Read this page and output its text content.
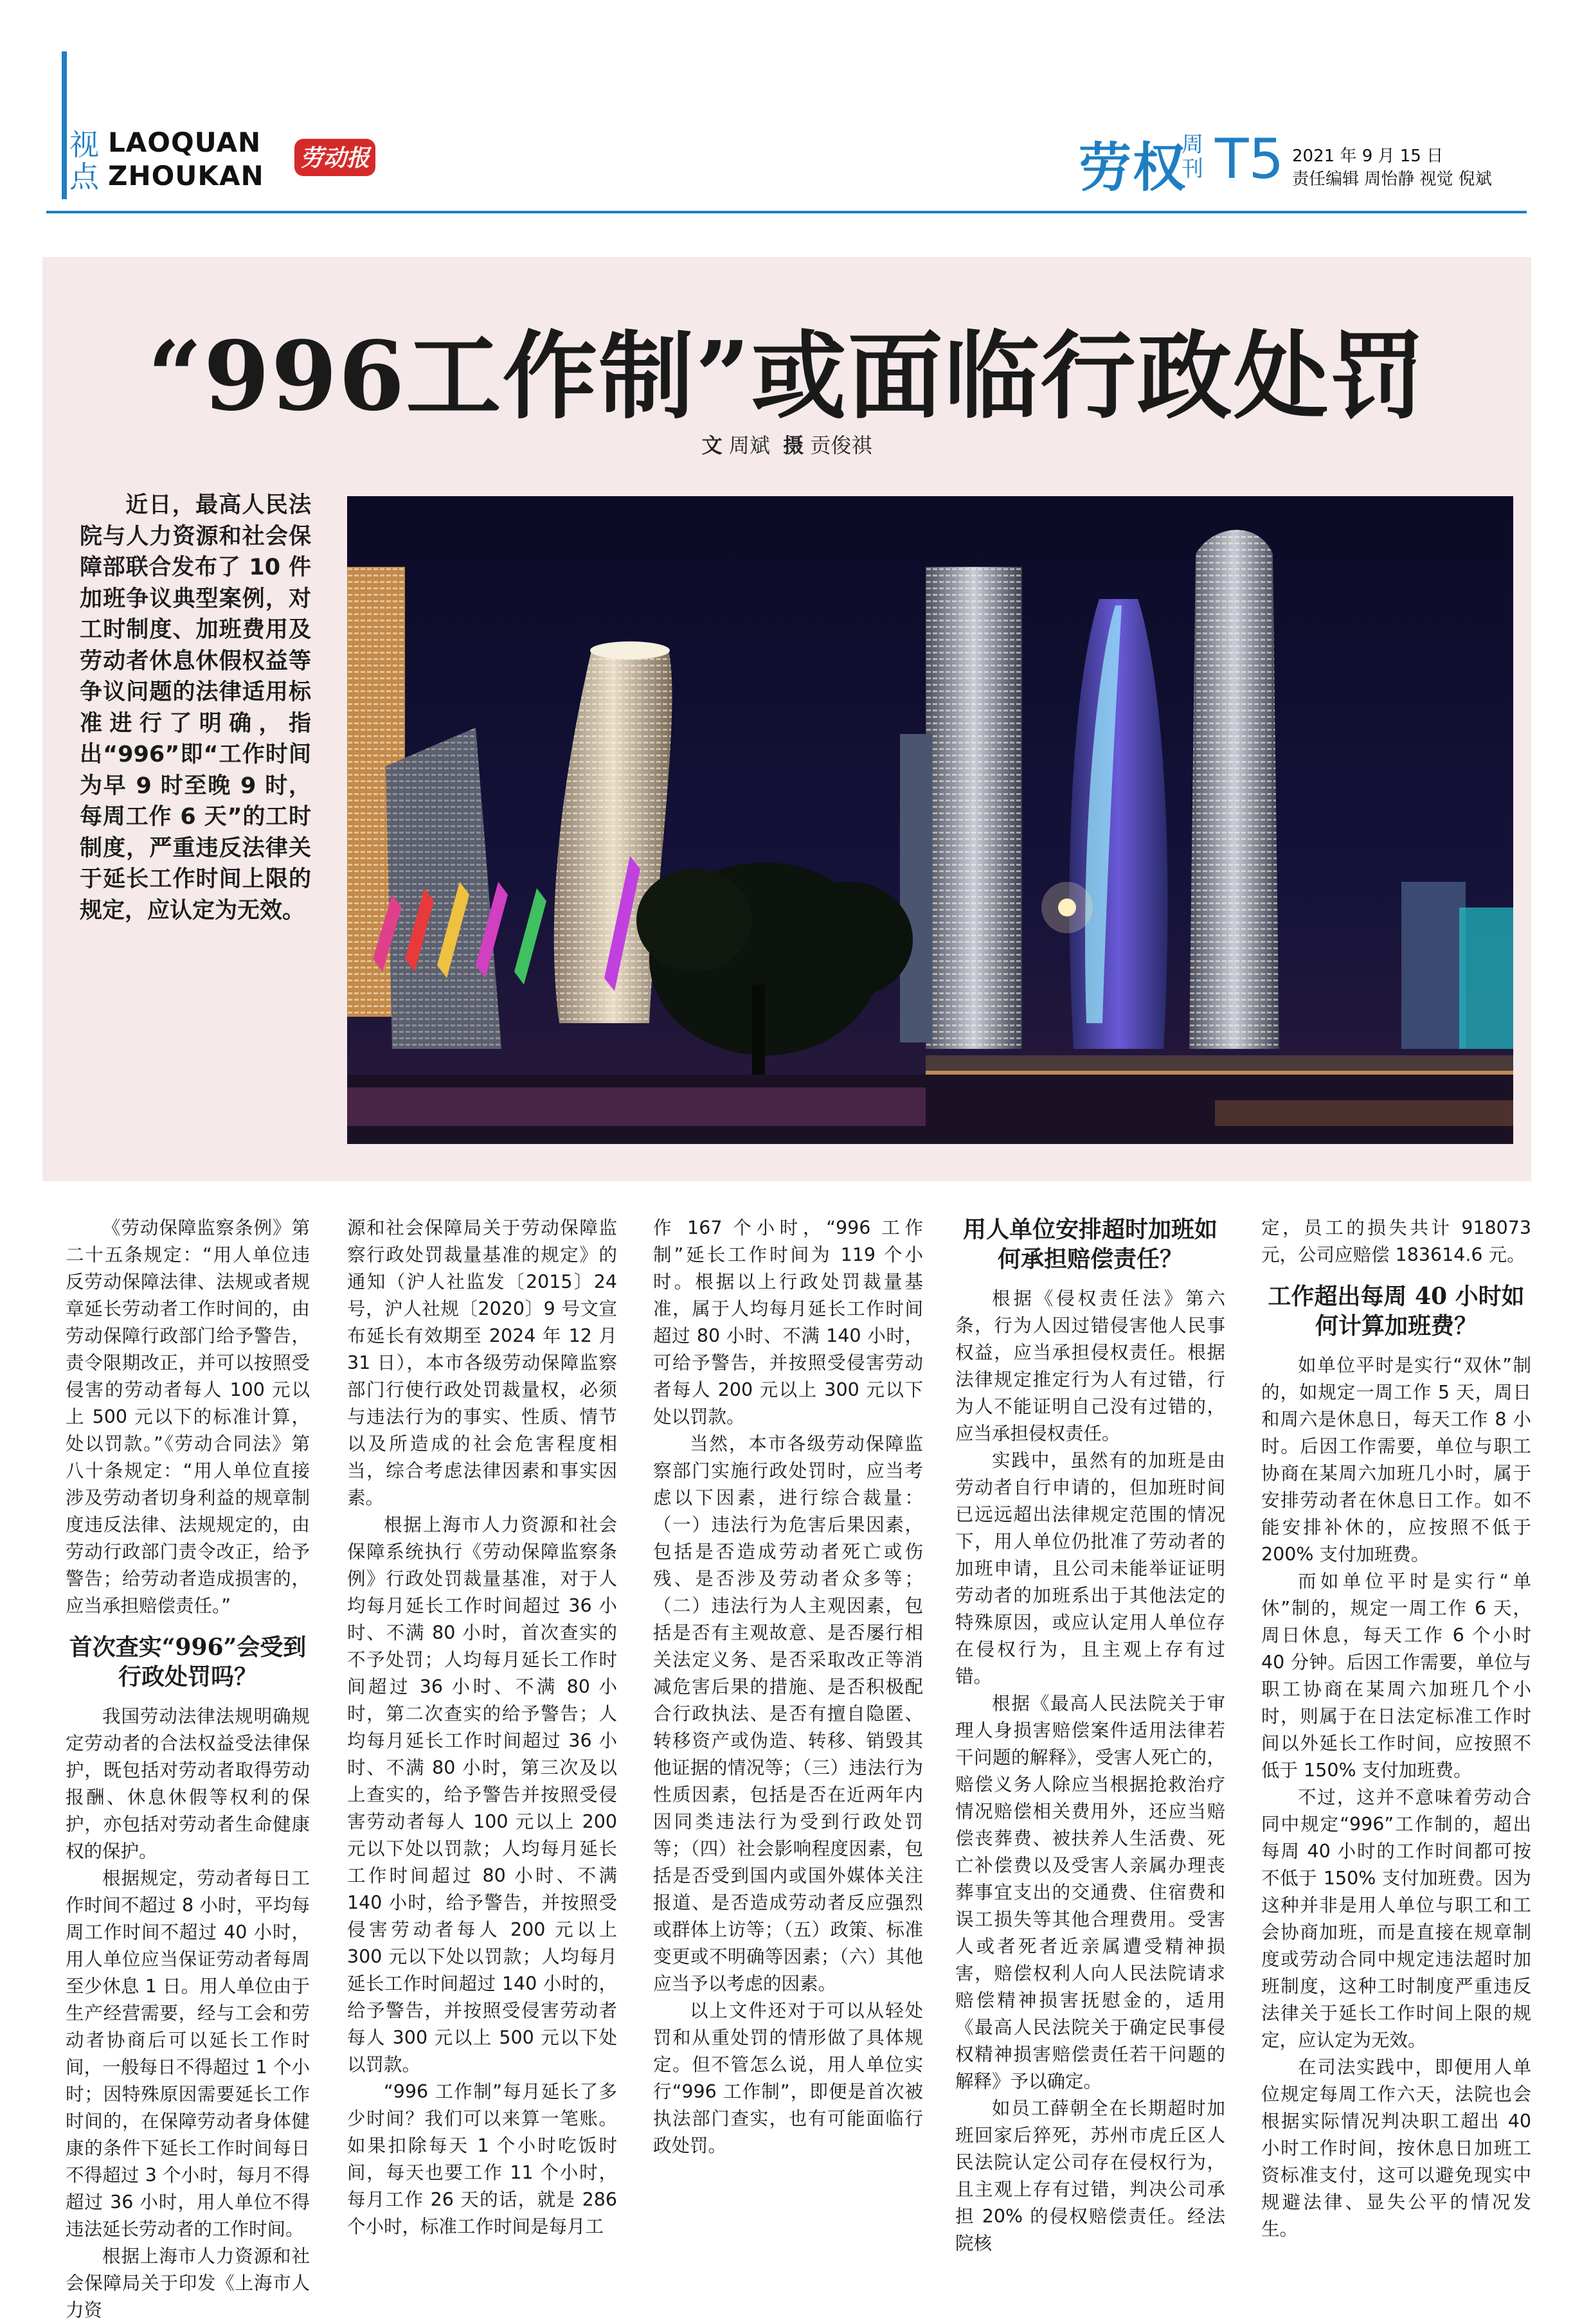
视点
LAOQUAN
ZHOUKAN
劳动报	劳权
周刊 T5 2021 年 9 月 15 日
责任编辑 周怡静 视觉 倪斌
“996工作制”或面临行政处罚
文 周斌 摄 贡俊祺
近日，最高人民法院与人力资源和社会保障部联合发布了 10 件加班争议典型案例，对工时制度、加班费用及劳动者休息休假权益等争议问题的法律适用标准进行了明确，指出“996”即“工作时间为早 9 时至晚 9 时，每周工作 6 天”的工时制度，严重违反法律关于延长工作时间上限的规定，应认定为无效。

《劳动保障监察条例》第二十五条规定：“用人单位违反劳动保障法律、法规或者规章延长劳动者工作时间的，由劳动保障行政部门给予警告，责令限期改正，并可以按照受侵害的劳动者每人 100 元以上 500 元以下的标准计算，处以罚款。”《劳动合同法》第八十条规定：“用人单位直接涉及劳动者切身利益的规章制度违反法律、法规规定的，由劳动行政部门责令改正，给予警告；给劳动者造成损害的，应当承担赔偿责任。”

首次查实“996”会受到行政处罚吗？

我国劳动法律法规明确规定劳动者的合法权益受法律保护，既包括对劳动者取得劳动报酬、休息休假等权利的保护，亦包括对劳动者生命健康权的保护。

根据规定，劳动者每日工作时间不超过 8 小时，平均每周工作时间不超过 40 小时，用人单位应当保证劳动者每周至少休息 1 日。用人单位由于生产经营需要，经与工会和劳动者协商后可以延长工作时间，一般每日不得超过 1 个小时；因特殊原因需要延长工作时间的，在保障劳动者身体健康的条件下延长工作时间每日不得超过 3 个小时，每月不得超过 36 小时，用人单位不得违法延长劳动者的工作时间。

根据上海市人力资源和社会保障局关于印发《上海市人力资

源和社会保障局关于劳动保障监察行政处罚裁量基准的规定》的通知（沪人社监发〔2015〕24 号，沪人社规〔2020〕9 号文宣布延长有效期至 2024 年 12 月 31 日），本市各级劳动保障监察部门行使行政处罚裁量权，必须与违法行为的事实、性质、情节以及所造成的社会危害程度相当，综合考虑法律因素和事实因素。

根据上海市人力资源和社会保障系统执行《劳动保障监察条例》行政处罚裁量基准，对于人均每月延长工作时间超过 36 小时、不满 80 小时，首次查实的不予处罚；人均每月延长工作时间超过 36 小时、不满 80 小时，第二次查实的给予警告；人均每月延长工作时间超过 36 小时、不满 80 小时，第三次及以上查实的，给予警告并按照受侵害劳动者每人 100 元以上 200 元以下处以罚款；人均每月延长工作时间超过 80 小时、不满 140 小时，给予警告，并按照受侵害劳动者每人 200 元以上 300 元以下处以罚款；人均每月延长工作时间超过 140 小时的，给予警告，并按照受侵害劳动者每人 300 元以上 500 元以下处以罚款。

“996 工作制”每月延长了多少时间？我们可以来算一笔账。如果扣除每天 1 个小时吃饭时间，每天也要工作 11 个小时，每月工作 26 天的话，就是 286 个小时，标准工作时间是每月工

作 167 个小时，“996 工作制”延长工作时间为 119 个小时。根据以上行政处罚裁量基准，属于人均每月延长工作时间超过 80 小时、不满 140 小时，可给予警告，并按照受侵害劳动者每人 200 元以上 300 元以下处以罚款。

当然，本市各级劳动保障监察部门实施行政处罚时，应当考虑以下因素，进行综合裁量：（一）违法行为危害后果因素，包括是否造成劳动者死亡或伤残、是否涉及劳动者众多等；（二）违法行为人主观因素，包括是否有主观故意、是否屡行相关法定义务、是否采取改正等消减危害后果的措施、是否积极配合行政执法、是否有擅自隐匿、转移资产或伪造、转移、销毁其他证据的情况等；（三）违法行为性质因素，包括是否在近两年内因同类违法行为受到行政处罚等；（四）社会影响程度因素，包括是否受到国内或国外媒体关注报道、是否造成劳动者反应强烈或群体上访等；（五）政策、标准变更或不明确等因素；（六）其他应当予以考虑的因素。

以上文件还对于可以从轻处罚和从重处罚的情形做了具体规定。但不管怎么说，用人单位实行“996 工作制”，即便是首次被执法部门查实，也有可能面临行政处罚。

用人单位安排超时加班如何承担赔偿责任？

根据《侵权责任法》第六条，行为人因过错侵害他人民事权益，应当承担侵权责任。根据法律规定推定行为人有过错，行为人不能证明自己没有过错的，应当承担侵权责任。

实践中，虽然有的加班是由劳动者自行申请的，但加班时间已远远超出法律规定范围的情况下，用人单位仍批准了劳动者的加班申请，且公司未能举证证明劳动者的加班系出于其他法定的特殊原因，或应认定用人单位存在侵权行为，且主观上存有过错。

根据《最高人民法院关于审理人身损害赔偿案件适用法律若干问题的解释》，受害人死亡的，赔偿义务人除应当根据抢救治疗情况赔偿相关费用外，还应当赔偿丧葬费、被扶养人生活费、死亡补偿费以及受害人亲属办理丧葬事宜支出的交通费、住宿费和误工损失等其他合理费用。受害人或者死者近亲属遭受精神损害，赔偿权利人向人民法院请求赔偿精神损害抚慰金的，适用《最高人民法院关于确定民事侵权精神损害赔偿责任若干问题的解释》予以确定。

如员工薛朝全在长期超时加班回家后猝死，苏州市虎丘区人民法院认定公司存在侵权行为，且主观上存有过错，判决公司承担 20% 的侵权赔偿责任。经法院核

定，员工的损失共计 918073 元，公司应赔偿 183614.6 元。

工作超出每周 40 小时如何计算加班费？

如单位平时是实行“双休”制的，如规定一周工作 5 天，周日和周六是休息日，每天工作 8 小时。后因工作需要，单位与职工协商在某周六加班几小时，属于安排劳动者在休息日工作。如不能安排补休的，应按照不低于 200% 支付加班费。

而如单位平时是实行“单休”制的，规定一周工作 6 天，周日休息，每天工作 6 个小时 40 分钟。后因工作需要，单位与职工协商在某周六加班几个小时，则属于在日法定标准工作时间以外延长工作时间，应按照不低于 150% 支付加班费。

不过，这并不意味着劳动合同中规定“996”工作制的，超出每周 40 小时的工作时间都可按不低于 150% 支付加班费。因为这种并非是用人单位与职工和工会协商加班，而是直接在规章制度或劳动合同中规定违法超时加班制度，这种工时制度严重违反法律关于延长工作时间上限的规定，应认定为无效。

在司法实践中，即便用人单位规定每周工作六天，法院也会根据实际情况判决职工超出 40 小时工作时间，按休息日加班工资标准支付，这可以避免现实中规避法律、显失公平的情况发生。
